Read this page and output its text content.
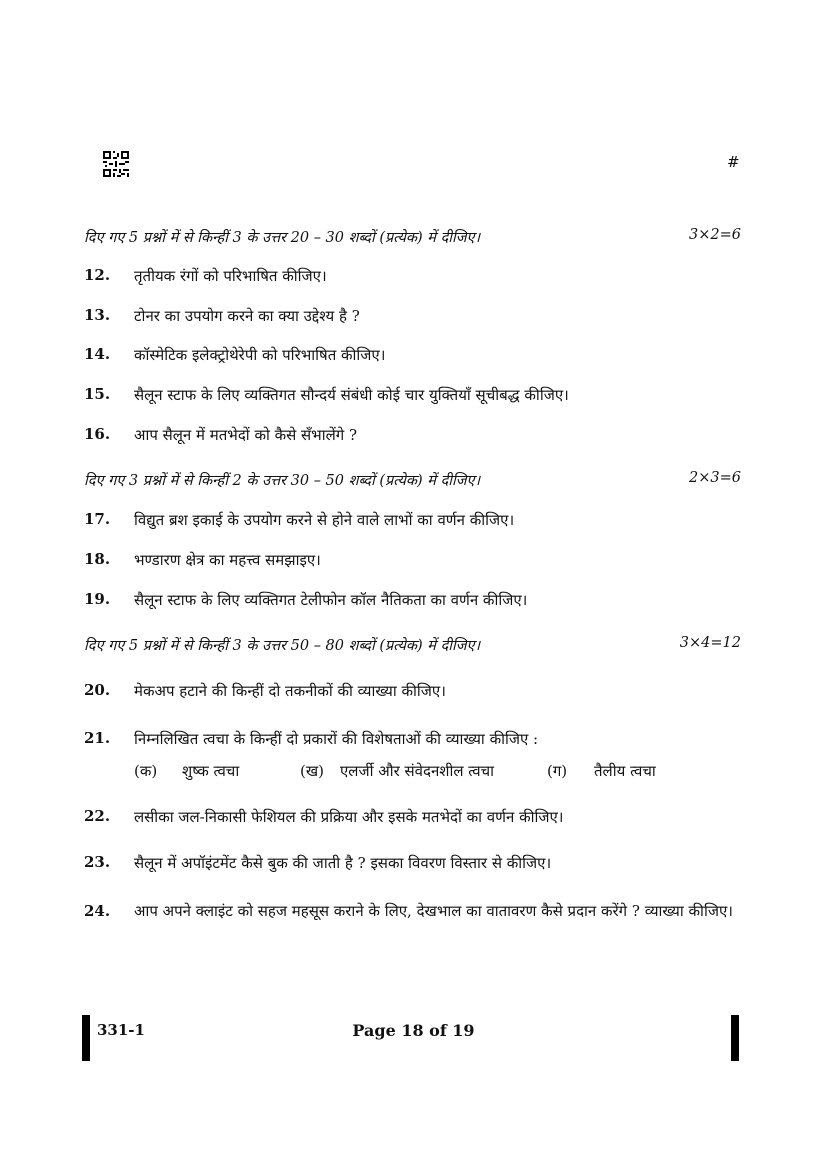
#
दिए गए 5 प्रश्नों में से किन्हीं 3 के उत्तर 20 – 30 शब्दों (प्रत्येक) में दीजिए।	3×2=6
12. तृतीयक रंगों को परिभाषित कीजिए।
13. टोनर का उपयोग करने का क्या उद्देश्य है ?
14. कॉस्मेटिक इलेक्ट्रोथेरेपी को परिभाषित कीजिए।
15. सैलून स्टाफ के लिए व्यक्तिगत सौन्दर्य संबंधी कोई चार युक्तियाँ सूचीबद्ध कीजिए।
16. आप सैलून में मतभेदों को कैसे सँभालेंगे ?
दिए गए 3 प्रश्नों में से किन्हीं 2 के उत्तर 30 – 50 शब्दों (प्रत्येक) में दीजिए।	2×3=6
17. विद्युत ब्रश इकाई के उपयोग करने से होने वाले लाभों का वर्णन कीजिए।
18. भण्डारण क्षेत्र का महत्त्व समझाइए।
19. सैलून स्टाफ के लिए व्यक्तिगत टेलीफोन कॉल नैतिकता का वर्णन कीजिए।
दिए गए 5 प्रश्नों में से किन्हीं 3 के उत्तर 50 – 80 शब्दों (प्रत्येक) में दीजिए।	3×4=12
20. मेकअप हटाने की किन्हीं दो तकनीकों की व्याख्या कीजिए।
21. निम्नलिखित त्वचा के किन्हीं दो प्रकारों की विशेषताओं की व्याख्या कीजिए :
(क) शुष्क त्वचा	(ख) एलर्जी और संवेदनशील त्वचा	(ग) तैलीय त्वचा
22. लसीका जल-निकासी फेशियल की प्रक्रिया और इसके मतभेदों का वर्णन कीजिए।
23. सैलून में अपॉइंटमेंट कैसे बुक की जाती है ? इसका विवरण विस्तार से कीजिए।
24. आप अपने क्लाइंट को सहज महसूस कराने के लिए, देखभाल का वातावरण कैसे प्रदान करेंगे ? व्याख्या कीजिए।
331-1	Page 18 of 19
